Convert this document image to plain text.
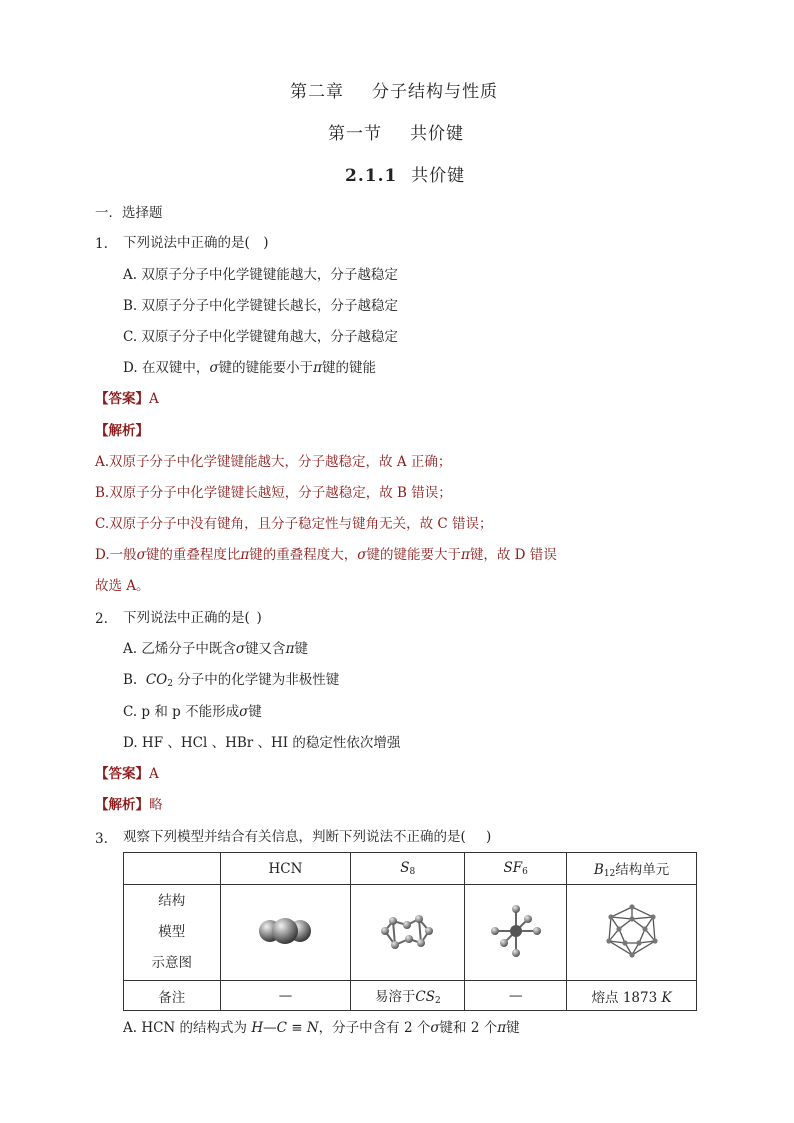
第二章 分子结构与性质
第一节 共价键
2.1.1 共价键
一．选择题
1. 下列说法中正确的是(　)
A. 双原子分子中化学键键能越大，分子越稳定
B. 双原子分子中化学键键长越长，分子越稳定
C. 双原子分子中化学键键角越大，分子越稳定
D. 在双键中，σ键的键能要小于π键的键能
【答案】A
【解析】
A.双原子分子中化学键键能越大，分子越稳定，故 A 正确；
B.双原子分子中化学键键长越短，分子越稳定，故 B 错误；
C.双原子分子中没有键角，且分子稳定性与键角无关，故 C 错误；
D.一般σ键的重叠程度比π键的重叠程度大，σ键的键能要大于π键，故 D 错误
故选 A。
2. 下列说法中正确的是( )
A. 乙烯分子中既含σ键又含π键
B. $CO_2$ 分子中的化学键为非极性键
C. p 和 p 不能形成σ键
D. HF 、HCl 、HBr 、HI 的稳定性依次增强
【答案】A
【解析】略
3. 观察下列模型并结合有关信息，判断下列说法不正确的是(　 )
	HCN	$S_8$	$SF_6$	$B_{12}$结构单元

结构
模型
示意图

备注	—	易溶于$CS_2$	—	熔点 1873 K
A. HCN 的结构式为 H—C ≡ N，分子中含有 2 个σ键和 2 个π键
